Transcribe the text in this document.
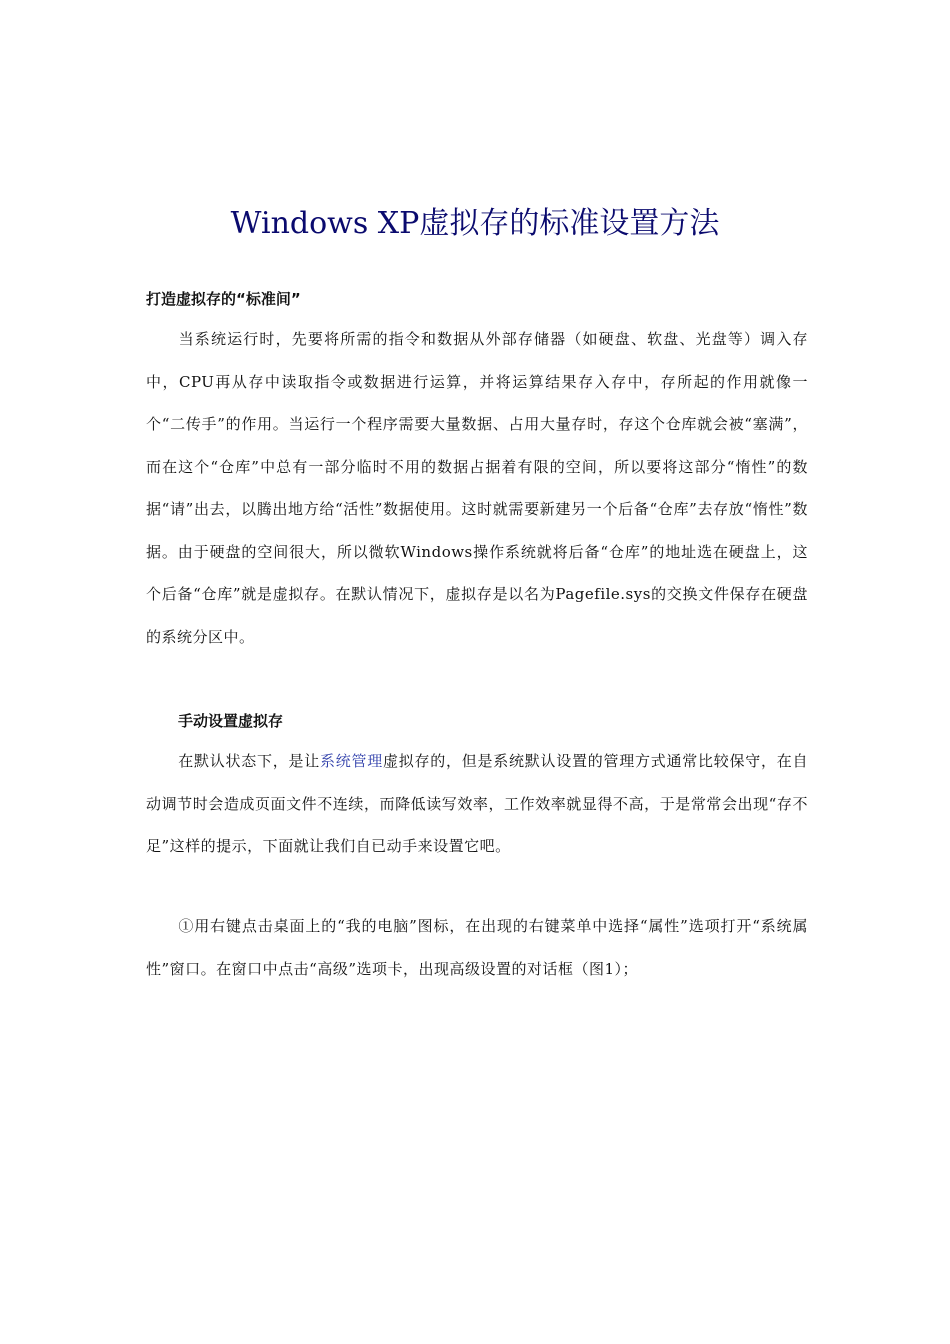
Windows XP虚拟存的标准设置方法
打造虚拟存的“标准间”

当系统运行时，先要将所需的指令和数据从外部存储器（如硬盘、软盘、光盘等）调入存中，CPU再从存中读取指令或数据进行运算，并将运算结果存入存中，存所起的作用就像一个“二传手”的作用。当运行一个程序需要大量数据、占用大量存时，存这个仓库就会被“塞满”，而在这个“仓库”中总有一部分临时不用的数据占据着有限的空间，所以要将这部分“惰性”的数据“请”出去，以腾出地方给“活性”数据使用。这时就需要新建另一个后备“仓库”去存放“惰性”数据。由于硬盘的空间很大，所以微软Windows操作系统就将后备“仓库”的地址选在硬盘上，这个后备“仓库”就是虚拟存。在默认情况下，虚拟存是以名为Pagefile.sys的交换文件保存在硬盘的系统分区中。

手动设置虚拟存

在默认状态下，是让系统管理虚拟存的，但是系统默认设置的管理方式通常比较保守，在自动调节时会造成页面文件不连续，而降低读写效率，工作效率就显得不高，于是常常会出现“存不足”这样的提示，下面就让我们自已动手来设置它吧。

①用右键点击桌面上的“我的电脑”图标，在出现的右键菜单中选择“属性”选项打开“系统属性”窗口。在窗口中点击“高级”选项卡，出现高级设置的对话框（图1）；
